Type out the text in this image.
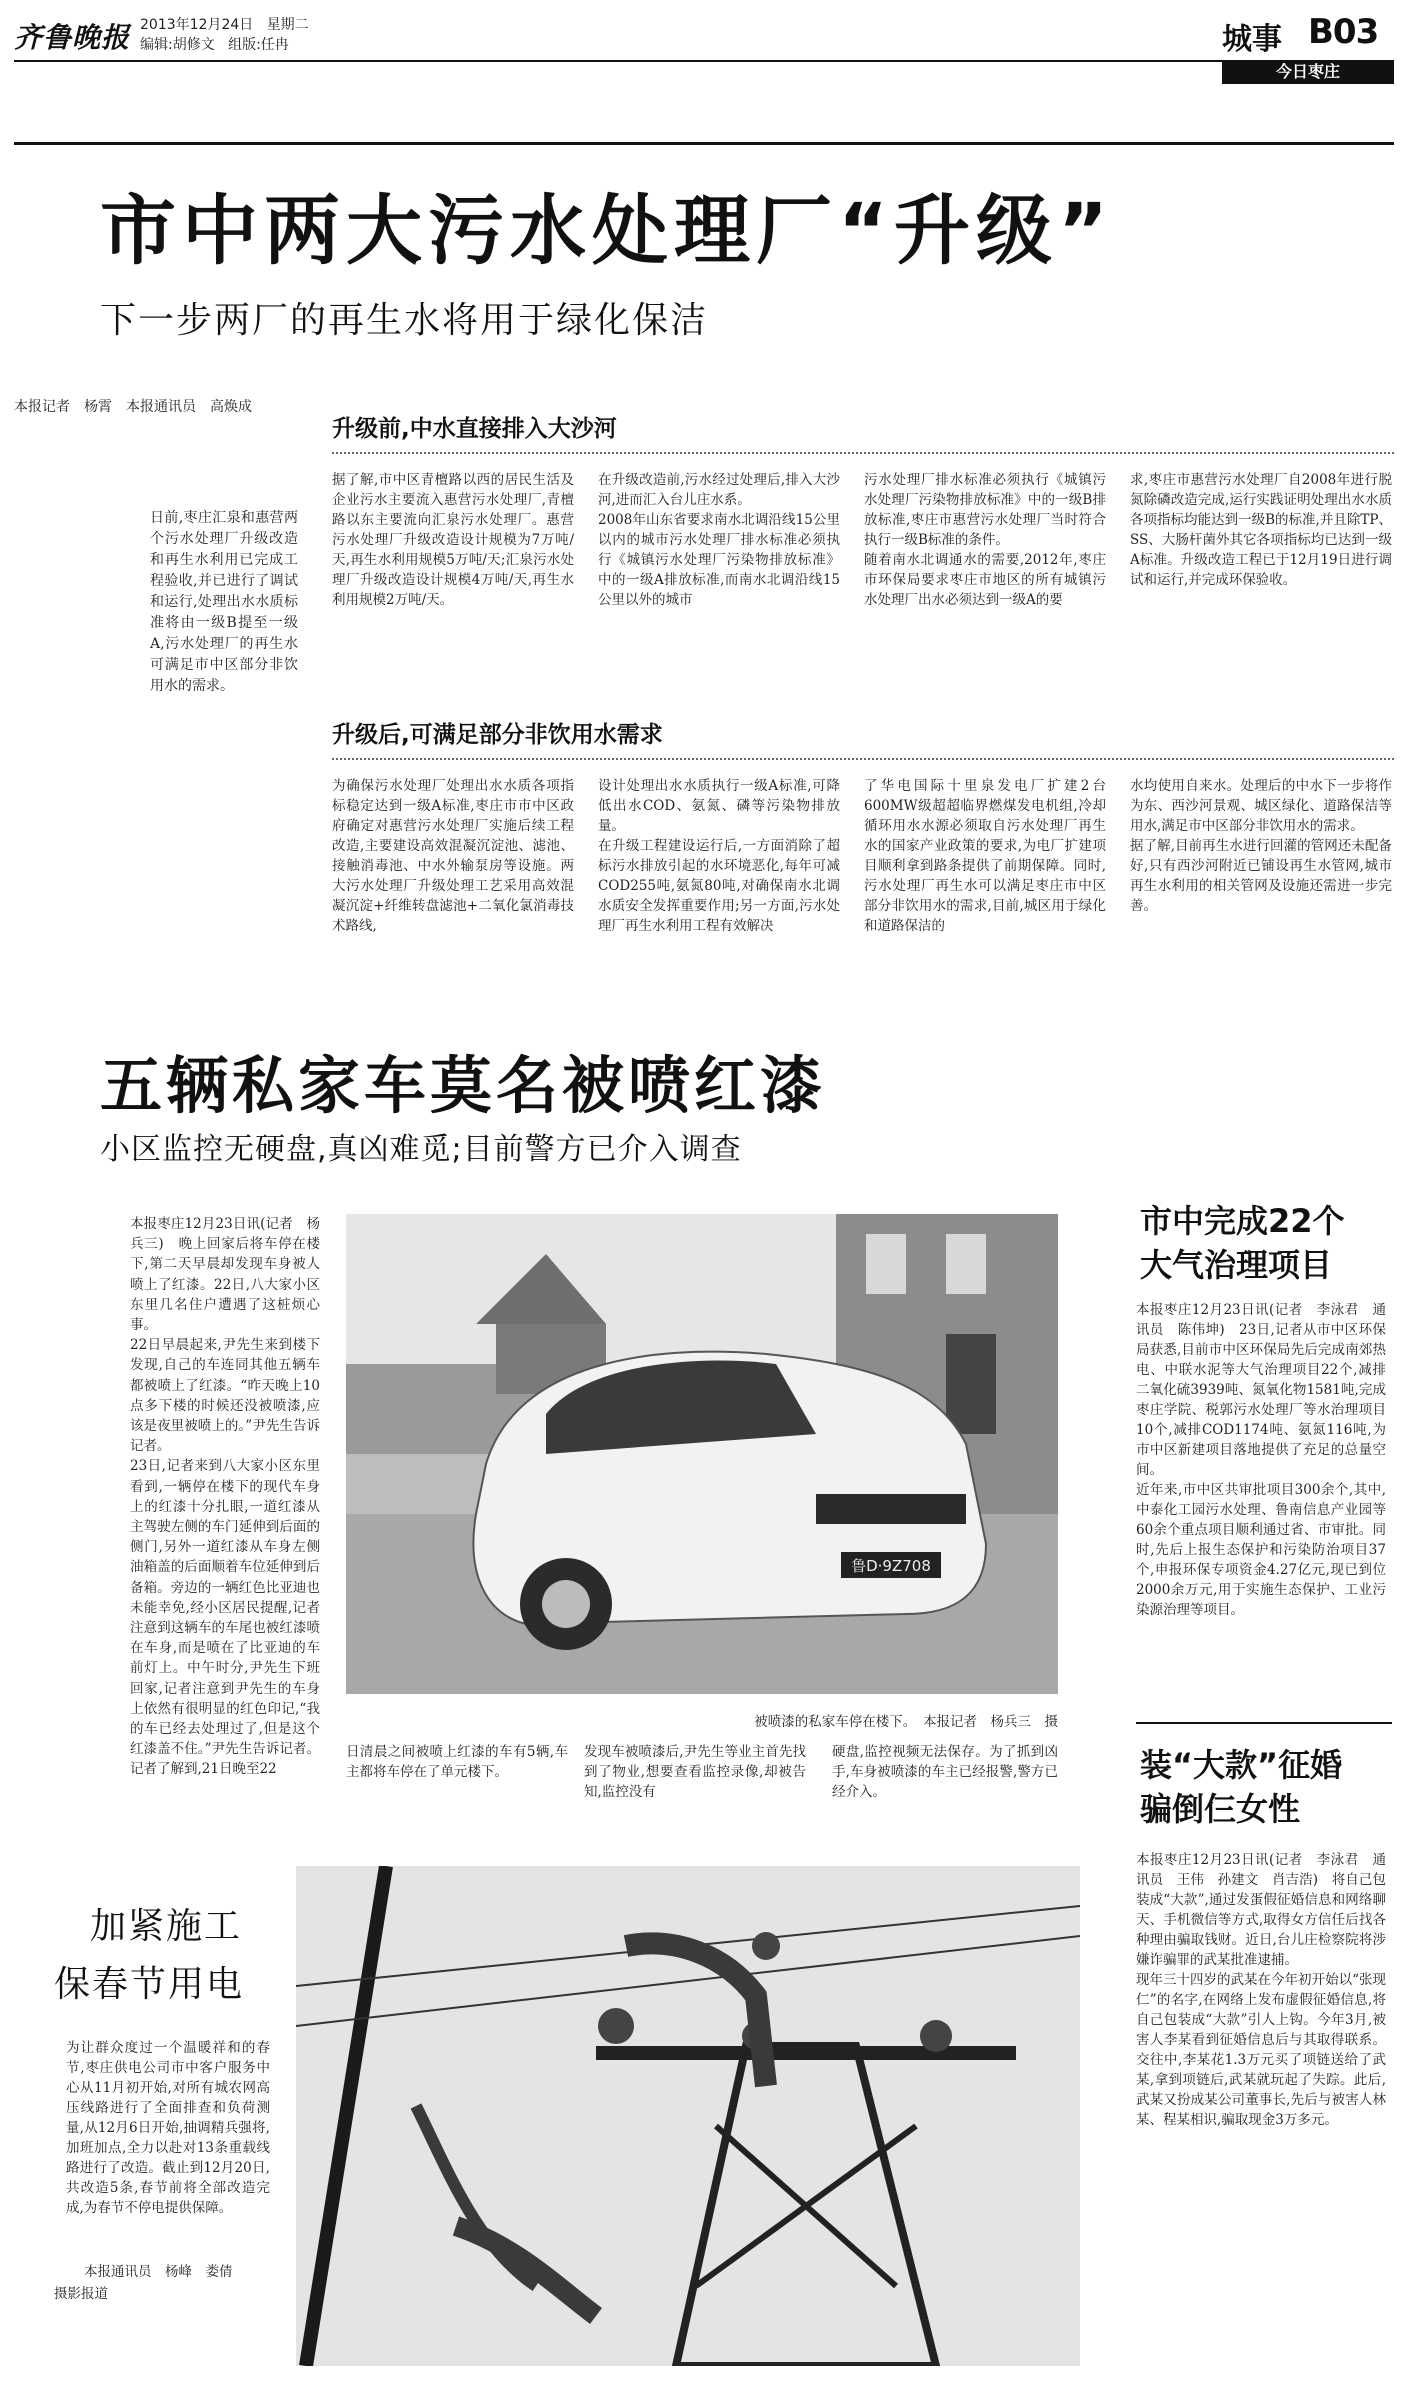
齐鲁晚报 2013年12月24日 星期二
编辑:胡修文 组版:任冉	城事 B03
今日枣庄
市中两大污水处理厂“升级”
下一步两厂的再生水将用于绿化保洁
本报记者　杨霄　本报通讯员　高焕成
升级前,中水直接排入大沙河
日前,枣庄汇泉和惠营两个污水处理厂升级改造和再生水利用已完成工程验收,并已进行了调试和运行,处理出水水质标准将由一级B提至一级A,污水处理厂的再生水可满足市中区部分非饮用水的需求。
据了解,市中区青檀路以西的居民生活及企业污水主要流入惠营污水处理厂,青檀路以东主要流向汇泉污水处理厂。惠营污水处理厂升级改造设计规模为7万吨/天,再生水利用规模5万吨/天;汇泉污水处理厂升级改造设计规模4万吨/天,再生水利用规模2万吨/天。
在升级改造前,污水经过处理后,排入大沙河,进而汇入台儿庄水系。
2008年山东省要求南水北调沿线15公里以内的城市污水处理厂排水标准必须执行《城镇污水处理厂污染物排放标准》中的一级A排放标准,而南水北调沿线15公里以外的城市
污水处理厂排水标准必须执行《城镇污水处理厂污染物排放标准》中的一级B排放标准,枣庄市惠营污水处理厂当时符合执行一级B标准的条件。
随着南水北调通水的需要,2012年,枣庄市环保局要求枣庄市地区的所有城镇污水处理厂出水必须达到一级A的要
求,枣庄市惠营污水处理厂自2008年进行脱氮除磷改造完成,运行实践证明处理出水水质各项指标均能达到一级B的标准,并且除TP、SS、大肠杆菌外其它各项指标均已达到一级A标准。升级改造工程已于12月19日进行调试和运行,并完成环保验收。
升级后,可满足部分非饮用水需求
为确保污水处理厂处理出水水质各项指标稳定达到一级A标准,枣庄市市中区政府确定对惠营污水处理厂实施后续工程改造,主要建设高效混凝沉淀池、滤池、接触消毒池、中水外输泵房等设施。两大污水处理厂升级处理工艺采用高效混凝沉淀+纤维转盘滤池+二氧化氯消毒技术路线,
设计处理出水水质执行一级A标准,可降低出水COD、氨氮、磷等污染物排放量。
在升级工程建设运行后,一方面消除了超标污水排放引起的水环境恶化,每年可减COD255吨,氨氮80吨,对确保南水北调水质安全发挥重要作用;另一方面,污水处理厂再生水利用工程有效解决
了华电国际十里泉发电厂扩建2台600MW级超超临界燃煤发电机组,冷却循环用水水源必须取自污水处理厂再生水的国家产业政策的要求,为电厂扩建项目顺利拿到路条提供了前期保障。同时,污水处理厂再生水可以满足枣庄市中区部分非饮用水的需求,目前,城区用于绿化和道路保洁的
水均使用自来水。处理后的中水下一步将作为东、西沙河景观、城区绿化、道路保洁等用水,满足市中区部分非饮用水的需求。
据了解,目前再生水进行回灌的管网还未配备好,只有西沙河附近已铺设再生水管网,城市再生水利用的相关管网及设施还需进一步完善。
五辆私家车莫名被喷红漆
小区监控无硬盘,真凶难觅;目前警方已介入调查
本报枣庄12月23日讯(记者　杨兵三)　晚上回家后将车停在楼下,第二天早晨却发现车身被人喷上了红漆。22日,八大家小区东里几名住户遭遇了这桩烦心事。
22日早晨起来,尹先生来到楼下发现,自己的车连同其他五辆车都被喷上了红漆。“昨天晚上10点多下楼的时候还没被喷漆,应该是夜里被喷上的。”尹先生告诉记者。
23日,记者来到八大家小区东里看到,一辆停在楼下的现代车身上的红漆十分扎眼,一道红漆从主驾驶左侧的车门延伸到后面的侧门,另外一道红漆从车身左侧油箱盖的后面顺着车位延伸到后备箱。旁边的一辆红色比亚迪也未能幸免,经小区居民提醒,记者注意到这辆车的车尾也被红漆喷在车身,而是喷在了比亚迪的车前灯上。中午时分,尹先生下班回家,记者注意到尹先生的车身上依然有很明显的红色印记,“我的车已经去处理过了,但是这个红漆盖不住。”尹先生告诉记者。记者了解到,21日晚至22
鲁D·9Z708
被喷漆的私家车停在楼下。　本报记者　杨兵三　摄
日清晨之间被喷上红漆的车有5辆,车主都将车停在了单元楼下。
发现车被喷漆后,尹先生等业主首先找到了物业,想要查看监控录像,却被告知,监控没有
硬盘,监控视频无法保存。为了抓到凶手,车身被喷漆的车主已经报警,警方已经介入。
市中完成22个
大气治理项目
本报枣庄12月23日讯(记者　李泳君　通讯员　陈伟坤)　23日,记者从市中区环保局获悉,目前市中区环保局先后完成南郊热电、中联水泥等大气治理项目22个,减排二氧化硫3939吨、氮氧化物1581吨,完成枣庄学院、税郭污水处理厂等水治理项目10个,减排COD1174吨、氨氮116吨,为市中区新建项目落地提供了充足的总量空间。
近年来,市中区共审批项目300余个,其中,中泰化工园污水处理、鲁南信息产业园等60余个重点项目顺利通过省、市审批。同时,先后上报生态保护和污染防治项目37个,申报环保专项资金4.27亿元,现已到位2000余万元,用于实施生态保护、工业污染源治理等项目。
装“大款”征婚
骗倒仨女性
本报枣庄12月23日讯(记者　李泳君　通讯员　王伟　孙建文　肖吉浩)　将自己包装成“大款”,通过发蛋假征婚信息和网络聊天、手机微信等方式,取得女方信任后找各种理由骗取钱财。近日,台儿庄检察院将涉嫌诈骗罪的武某批准逮捕。
现年三十四岁的武某在今年初开始以“张现仁”的名字,在网络上发布虚假征婚信息,将自己包装成“大款”引人上钩。今年3月,被害人李某看到征婚信息后与其取得联系。交往中,李某花1.3万元买了项链送给了武某,拿到项链后,武某就玩起了失踪。此后,武某又扮成某公司董事长,先后与被害人林某、程某相识,骗取现金3万多元。
加紧施工
保春节用电
为让群众度过一个温暖祥和的春节,枣庄供电公司市中客户服务中心从11月初开始,对所有城农网高压线路进行了全面排查和负荷测量,从12月6日开始,抽调精兵强将,加班加点,全力以赴对13条重载线路进行了改造。截止到12月20日,共改造5条,春节前将全部改造完成,为春节不停电提供保障。
本报通讯员　杨峰　娄倩
摄影报道
